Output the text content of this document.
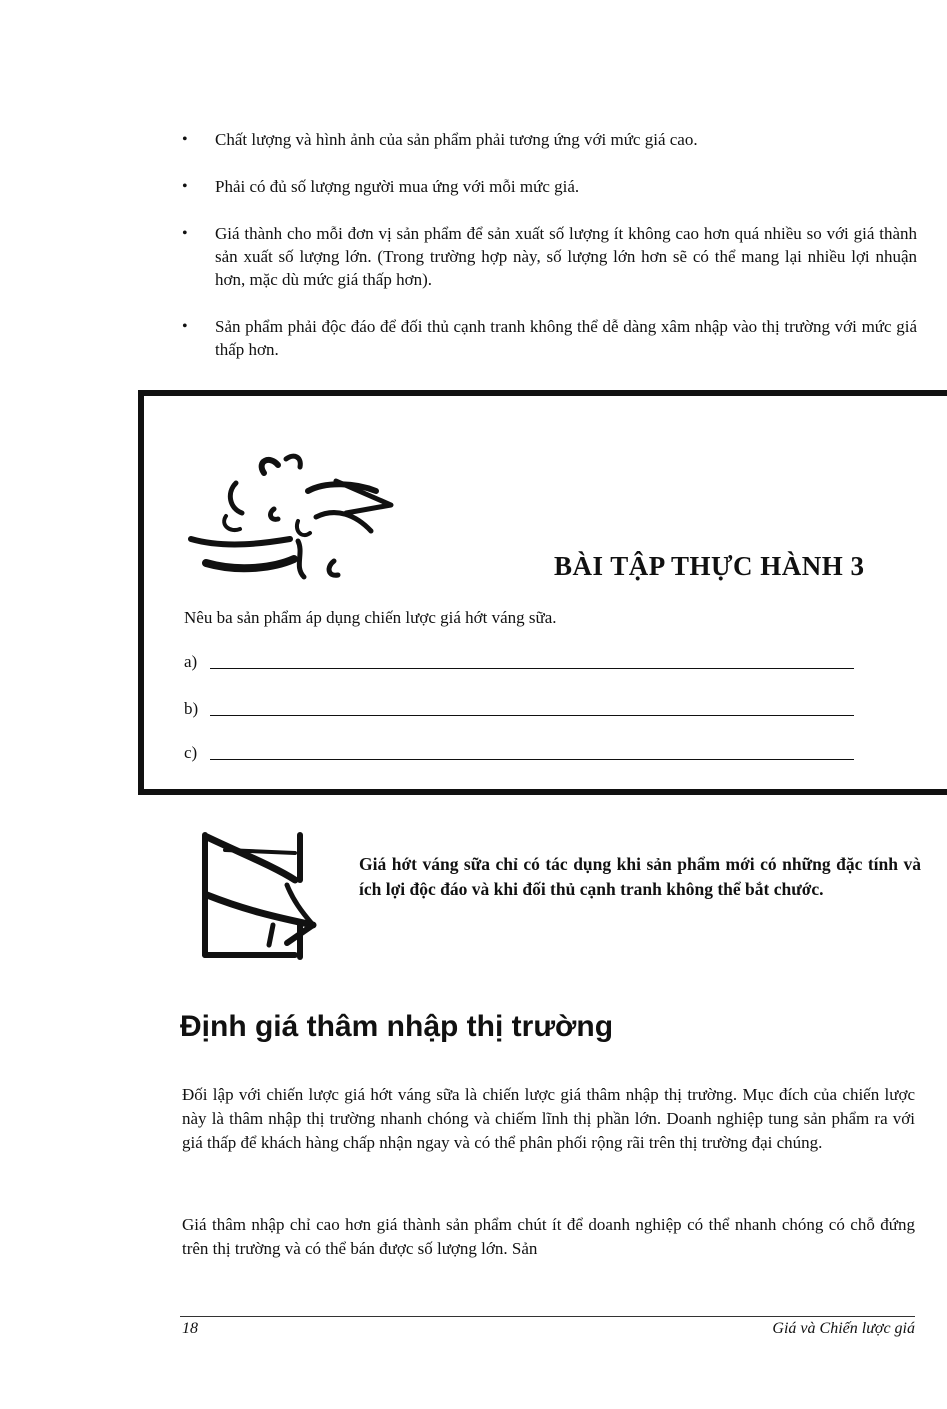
• Chất lượng và hình ảnh của sản phẩm phải tương ứng với mức giá cao.
• Phải có đủ số lượng người mua ứng với mỗi mức giá.
• Giá thành cho mỗi đơn vị sản phẩm để sản xuất số lượng ít không cao hơn quá nhiều so với giá thành sản xuất số lượng lớn. (Trong trường hợp này, số lượng lớn hơn sẽ có thể mang lại nhiều lợi nhuận hơn, mặc dù mức giá thấp hơn).
• Sản phẩm phải độc đáo để đối thủ cạnh tranh không thể dễ dàng xâm nhập vào thị trường với mức giá thấp hơn.
BÀI TẬP THỰC HÀNH 3
Nêu ba sản phẩm áp dụng chiến lược giá hớt váng sữa.
a)
b)
c)
Giá hớt váng sữa chỉ có tác dụng khi sản phẩm mới có những đặc tính và ích lợi độc đáo và khi đối thủ cạnh tranh không thể bắt chước.
Định giá thâm nhập thị trường
Đối lập với chiến lược giá hớt váng sữa là chiến lược giá thâm nhập thị trường. Mục đích của chiến lược này là thâm nhập thị trường nhanh chóng và chiếm lĩnh thị phần lớn. Doanh nghiệp tung sản phẩm ra với giá thấp để khách hàng chấp nhận ngay và có thể phân phối rộng rãi trên thị trường đại chúng.
Giá thâm nhập chỉ cao hơn giá thành sản phẩm chút ít để doanh nghiệp có thể nhanh chóng có chỗ đứng trên thị trường và có thể bán được số lượng lớn. Sản
18	Giá và Chiến lược giá
